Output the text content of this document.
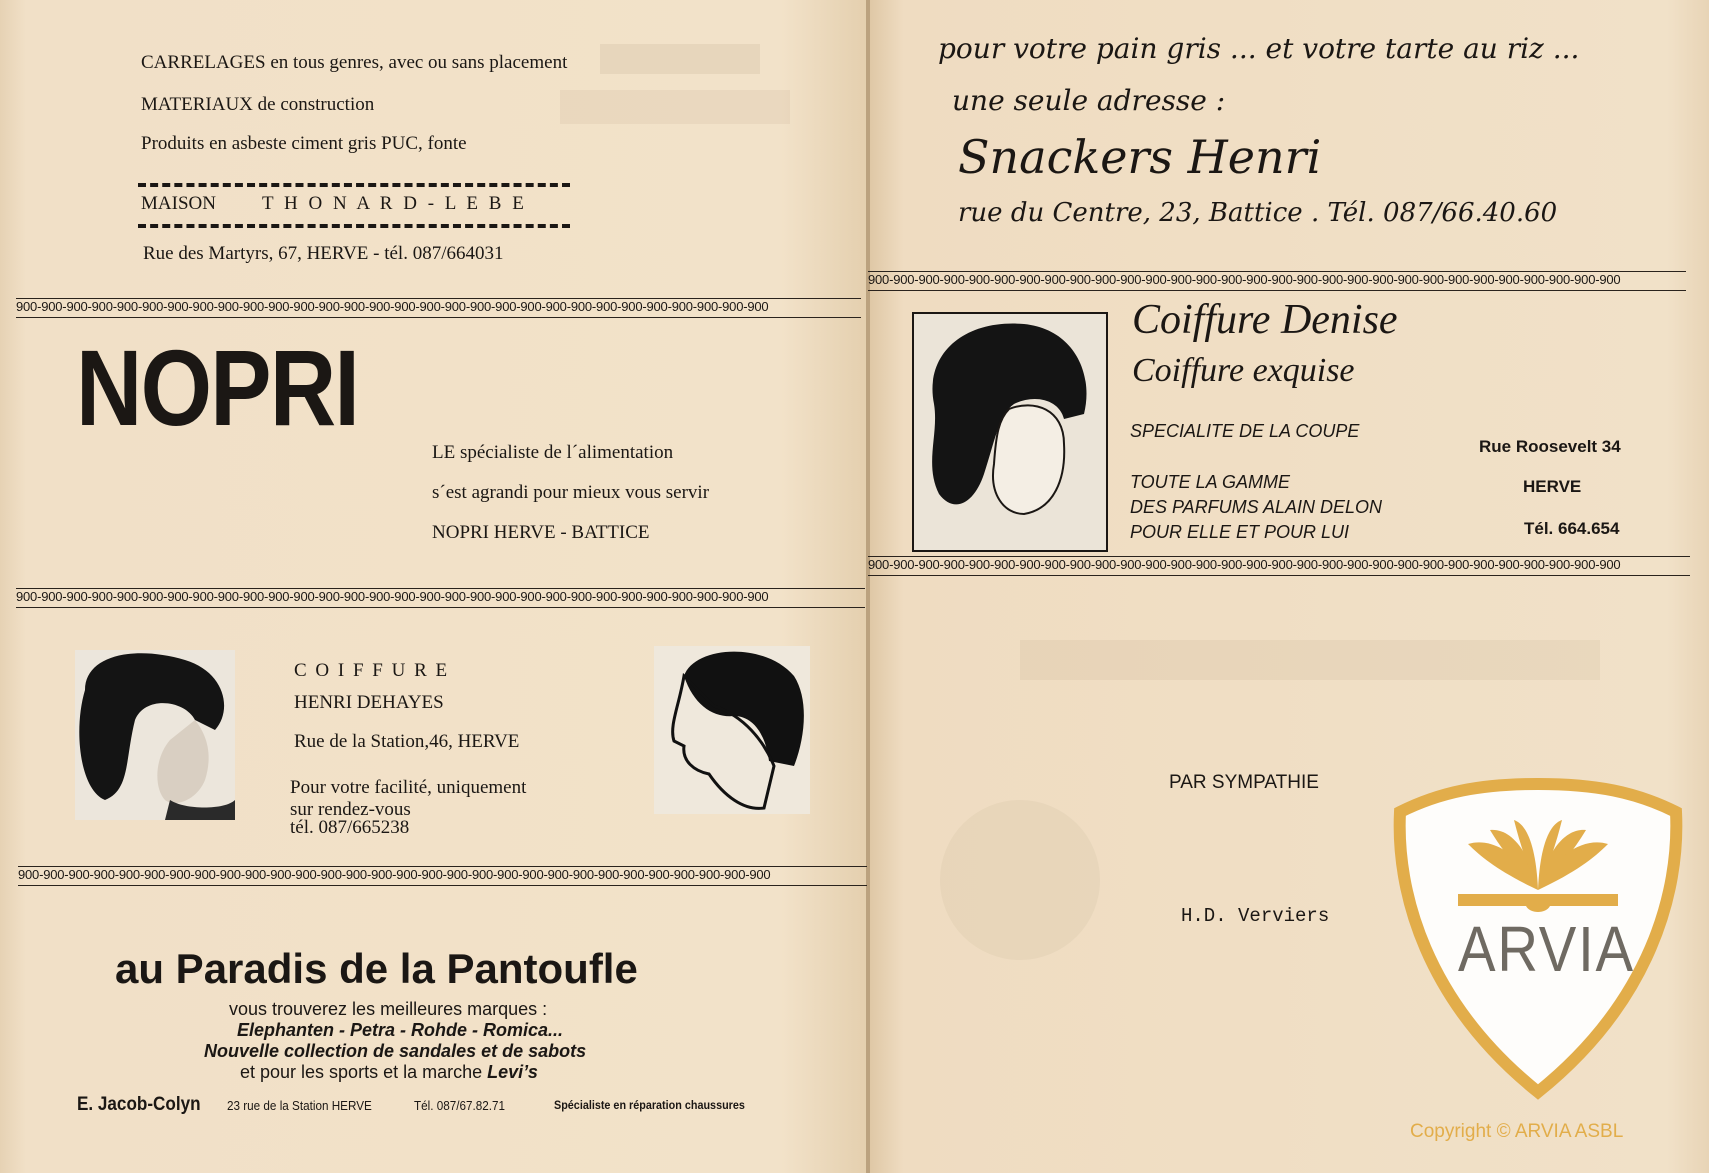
CARRELAGES en tous genres, avec ou sans placement
MATERIAUX de construction
Produits en asbeste ciment gris PUC, fonte
MAISON T H O N A R D - L E B E
Rue des Martyrs, 67, HERVE - tél. 087/664031
900-900-900-900-900-900-900-900-900-900-900-900-900-900-900-900-900-900-900-900-900-900-900-900-900-900-900-900-900-900
NOPRI
LE spécialiste de l´alimentation
s´est agrandi pour mieux vous servir
NOPRI HERVE - BATTICE
900-900-900-900-900-900-900-900-900-900-900-900-900-900-900-900-900-900-900-900-900-900-900-900-900-900-900-900-900-900
C O I F F U R E
HENRI DEHAYES
Rue de la Station,46, HERVE
Pour votre facilité, uniquement
sur rendez-vous
tél. 087/665238
900-900-900-900-900-900-900-900-900-900-900-900-900-900-900-900-900-900-900-900-900-900-900-900-900-900-900-900-900-900
au Paradis de la Pantoufle
vous trouverez les meilleures marques :
Elephanten - Petra - Rohde - Romica...
Nouvelle collection de sandales et de sabots
et pour les sports et la marche Levi’s
E. Jacob-Colyn 23 rue de la Station HERVE	Tél. 087/67.82.71	Spécialiste en réparation chaussures
pour votre pain gris ... et votre tarte au riz ...
une seule adresse :
Snackers Henri
rue du Centre, 23, Battice . Tél. 087/66.40.60
900-900-900-900-900-900-900-900-900-900-900-900-900-900-900-900-900-900-900-900-900-900-900-900-900-900-900-900-900-900
Coiffure Denise
Coiffure exquise
SPECIALITE DE LA COUPE
TOUTE LA GAMME
DES PARFUMS ALAIN DELON
POUR ELLE ET POUR LUI
Rue Roosevelt 34
HERVE
Tél. 664.654
900-900-900-900-900-900-900-900-900-900-900-900-900-900-900-900-900-900-900-900-900-900-900-900-900-900-900-900-900-900
PAR SYMPATHIE
H.D. Verviers ARVIA
Copyright © ARVIA ASBL
